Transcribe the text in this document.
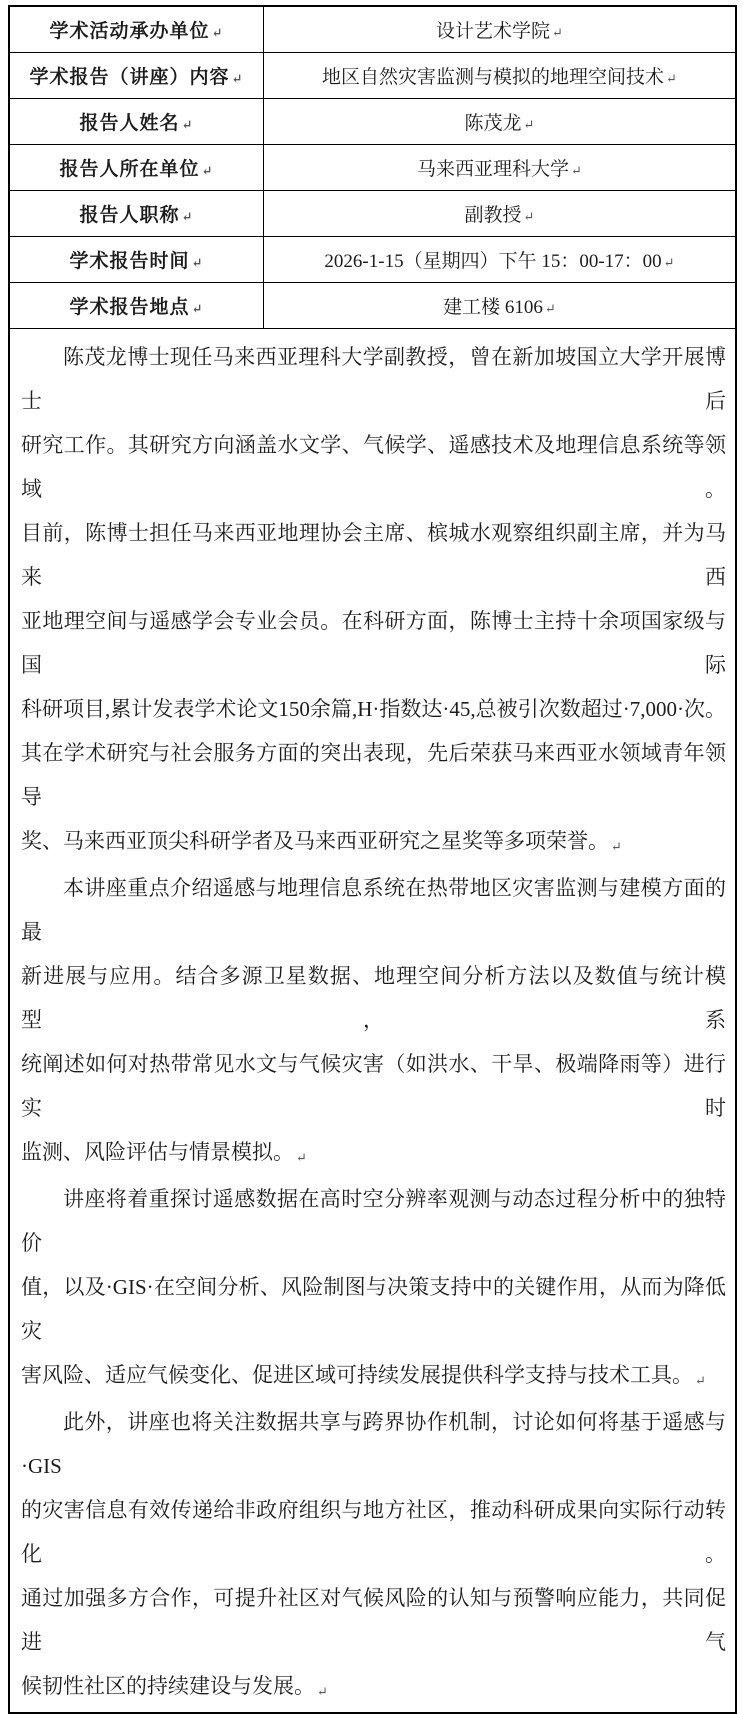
学术活动承办单位 ↵	设计艺术学院 ↵
学术报告（讲座）内容 ↵	地区自然灾害监测与模拟的地理空间技术 ↵
报告人姓名 ↵	陈茂龙 ↵
报告人所在单位 ↵	马来西亚理科大学 ↵
报告人职称 ↵	副教授 ↵
学术报告时间 ↵	2026-1-15（星期四）下午 15：00-17：00 ↵
学术报告地点 ↵	建工楼 6106 ↵
陈茂龙博士现任马来西亚理科大学副教授，曾在新加坡国立大学开展博士后
研究工作。其研究方向涵盖水文学、气候学、遥感技术及地理信息系统等领域。
目前，陈博士担任马来西亚地理协会主席、槟城水观察组织副主席，并为马来西
亚地理空间与遥感学会专业会员。在科研方面，陈博士主持十余项国家级与国际
科研项目,累计发表学术论文150余篇,H·指数达·45,总被引次数超过·7,000·次。
其在学术研究与社会服务方面的突出表现，先后荣获马来西亚水领域青年领导
奖、马来西亚顶尖科研学者及马来西亚研究之星奖等多项荣誉。 ↵
本讲座重点介绍遥感与地理信息系统在热带地区灾害监测与建模方面的最
新进展与应用。结合多源卫星数据、地理空间分析方法以及数值与统计模型，系
统阐述如何对热带常见水文与气候灾害（如洪水、干旱、极端降雨等）进行实时
监测、风险评估与情景模拟。 ↵
讲座将着重探讨遥感数据在高时空分辨率观测与动态过程分析中的独特价
值，以及·GIS·在空间分析、风险制图与决策支持中的关键作用，从而为降低灾
害风险、适应气候变化、促进区域可持续发展提供科学支持与技术工具。 ↵
此外，讲座也将关注数据共享与跨界协作机制，讨论如何将基于遥感与·GIS
的灾害信息有效传递给非政府组织与地方社区，推动科研成果向实际行动转化。
通过加强多方合作，可提升社区对气候风险的认知与预警响应能力，共同促进气
候韧性社区的持续建设与发展。 ↵
